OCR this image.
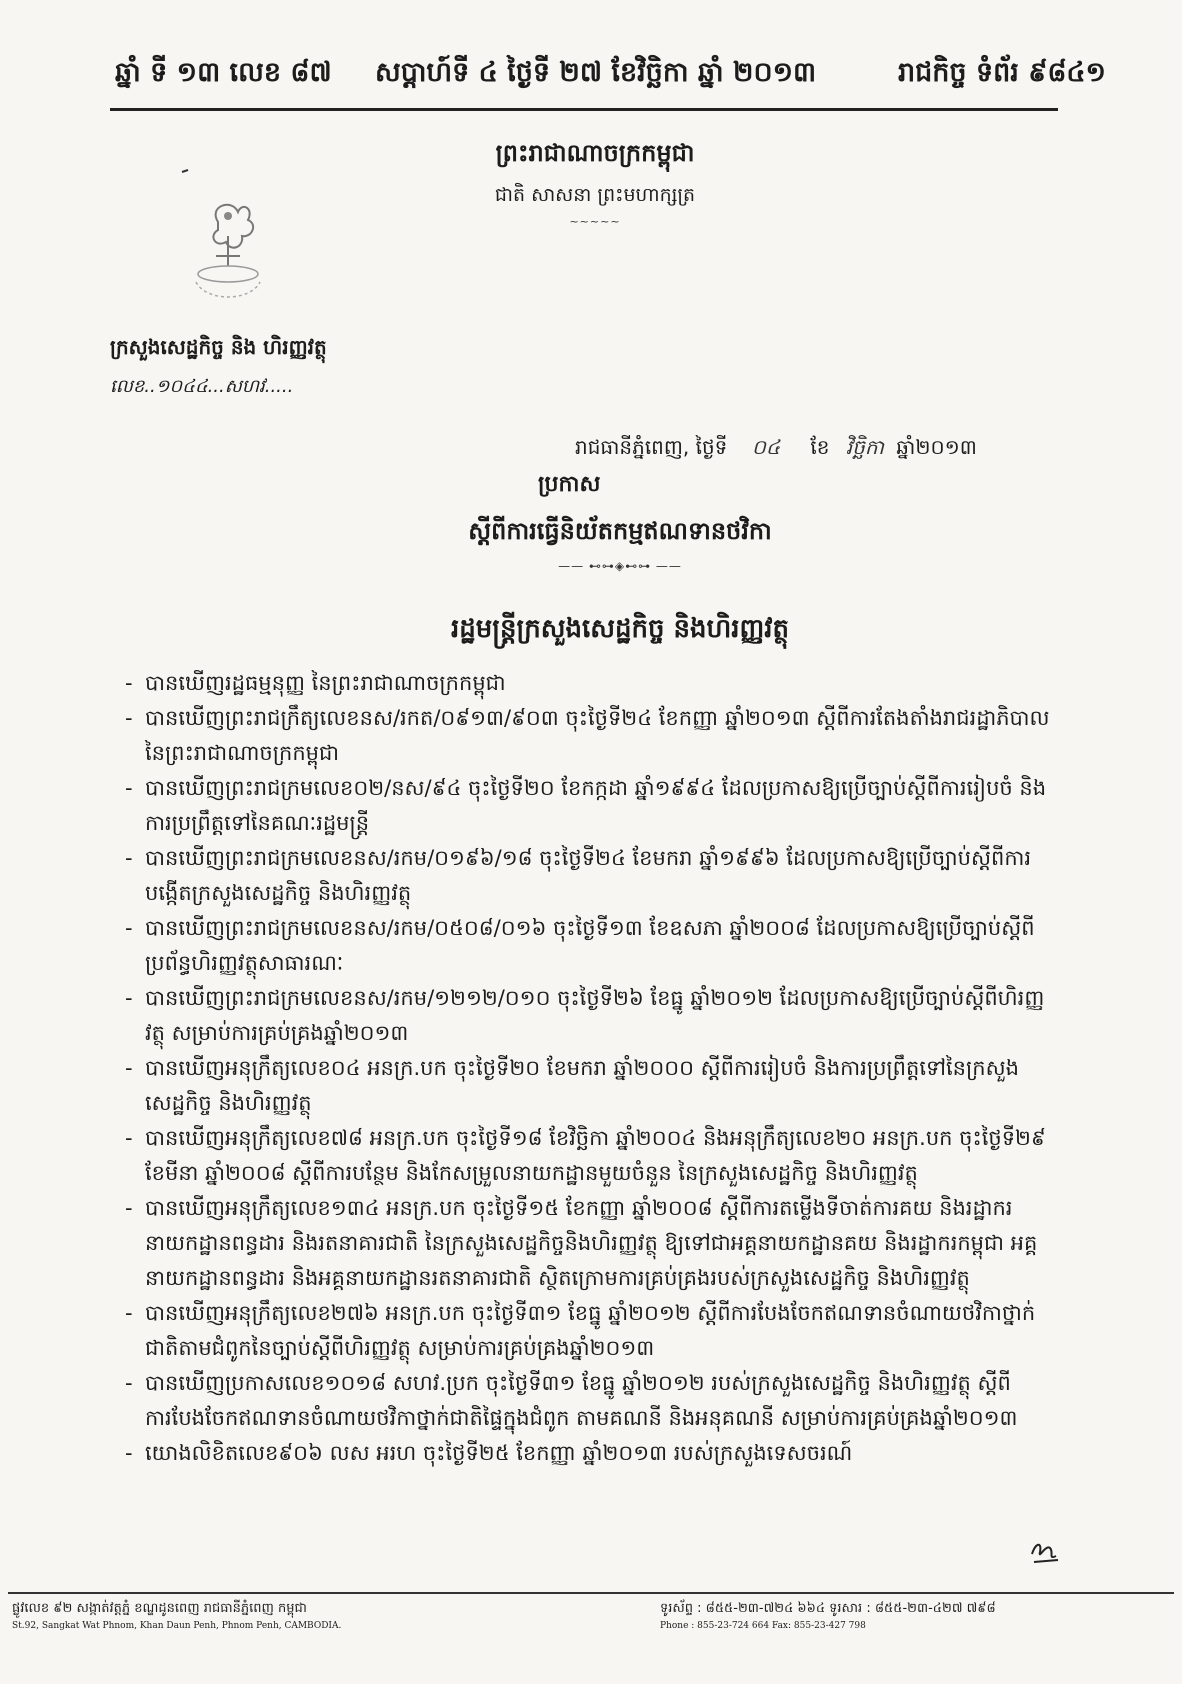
ឆ្នាំ ទី ១៣ លេខ ៨៧ សប្តាហ៍ទី ៤ ថ្ងៃទី ២៧ ខែវិច្ឆិកា ឆ្នាំ ២០១៣	រាជកិច្ច ទំព័រ ៩៨៤១
ព្រះរាជាណាចក្រកម្ពុជា
ជាតិ សាសនា ព្រះមហាក្សត្រ
~~~~~
ក្រសួងសេដ្ឋកិច្ច និង ហិរញ្ញវត្ថុ
លេខ..១០៤៤...សហវ.....
រាជធានីភ្នំពេញ, ថ្ងៃទី ០៤ ខែ វិច្ឆិកា ឆ្នាំ២០១៣
ប្រកាស
ស្តីពីការធ្វើនិយ័តកម្មឥណទានថវិកា
—— ⊷⊶◈⊷⊶ ——
រដ្ឋមន្ត្រីក្រសួងសេដ្ឋកិច្ច និងហិរញ្ញវត្ថុ
- បានឃើញរដ្ឋធម្មនុញ្ញ នៃព្រះរាជាណាចក្រកម្ពុជា
- បានឃើញព្រះរាជក្រឹត្យលេខនស/រកត/០៩១៣/៩០៣ ចុះថ្ងៃទី២៤ ខែកញ្ញា ឆ្នាំ២០១៣ ស្តីពីការតែងតាំងរាជរដ្ឋាភិបាល នៃព្រះរាជាណាចក្រកម្ពុជា
- បានឃើញព្រះរាជក្រមលេខ០២/នស/៩៤ ចុះថ្ងៃទី២០ ខែកក្កដា ឆ្នាំ១៩៩៤ ដែលប្រកាសឱ្យប្រើច្បាប់ស្តីពីការរៀបចំ និងការប្រព្រឹត្តទៅនៃគណៈរដ្ឋមន្ត្រី
- បានឃើញព្រះរាជក្រមលេខនស/រកម/០១៩៦/១៨ ចុះថ្ងៃទី២៤ ខែមករា ឆ្នាំ១៩៩៦ ដែលប្រកាសឱ្យប្រើច្បាប់ស្តីពីការបង្កើតក្រសួងសេដ្ឋកិច្ច និងហិរញ្ញវត្ថុ
- បានឃើញព្រះរាជក្រមលេខនស/រកម/០៥០៨/០១៦ ចុះថ្ងៃទី១៣ ខែឧសភា ឆ្នាំ២០០៨ ដែលប្រកាសឱ្យប្រើច្បាប់ស្តីពីប្រព័ន្ធហិរញ្ញវត្ថុសាធារណៈ
- បានឃើញព្រះរាជក្រមលេខនស/រកម/១២១២/០១០ ចុះថ្ងៃទី២៦ ខែធ្នូ ឆ្នាំ២០១២ ដែលប្រកាសឱ្យប្រើច្បាប់ស្តីពីហិរញ្ញវត្ថុ សម្រាប់ការគ្រប់គ្រងឆ្នាំ២០១៣
- បានឃើញអនុក្រឹត្យលេខ០៤ អនក្រ.បក ចុះថ្ងៃទី២០ ខែមករា ឆ្នាំ២០០០ ស្តីពីការរៀបចំ និងការប្រព្រឹត្តទៅនៃក្រសួងសេដ្ឋកិច្ច និងហិរញ្ញវត្ថុ
- បានឃើញអនុក្រឹត្យលេខ៧៨ អនក្រ.បក ចុះថ្ងៃទី១៨ ខែវិច្ឆិកា ឆ្នាំ២០០៤ និងអនុក្រឹត្យលេខ២០ អនក្រ.បក ចុះថ្ងៃទី២៩ ខែមីនា ឆ្នាំ២០០៨ ស្តីពីការបន្ថែម និងកែសម្រួលនាយកដ្ឋានមួយចំនួន នៃក្រសួងសេដ្ឋកិច្ច និងហិរញ្ញវត្ថុ
- បានឃើញអនុក្រឹត្យលេខ១៣៤ អនក្រ.បក ចុះថ្ងៃទី១៥ ខែកញ្ញា ឆ្នាំ២០០៨ ស្តីពីការតម្លើងទីចាត់ការគយ និងរដ្ឋាករ នាយកដ្ឋានពន្ធដារ និងរតនាគារជាតិ នៃក្រសួងសេដ្ឋកិច្ចនិងហិរញ្ញវត្ថុ ឱ្យទៅជាអគ្គនាយកដ្ឋានគយ និងរដ្ឋាករកម្ពុជា អគ្គនាយកដ្ឋានពន្ធដារ និងអគ្គនាយកដ្ឋានរតនាគារជាតិ ស្ថិតក្រោមការគ្រប់គ្រងរបស់ក្រសួងសេដ្ឋកិច្ច និងហិរញ្ញវត្ថុ
- បានឃើញអនុក្រឹត្យលេខ២៧៦ អនក្រ.បក ចុះថ្ងៃទី៣១ ខែធ្នូ ឆ្នាំ២០១២ ស្តីពីការបែងចែកឥណទានចំណាយថវិកាថ្នាក់ជាតិតាមជំពូកនៃច្បាប់ស្តីពីហិរញ្ញវត្ថុ សម្រាប់ការគ្រប់គ្រងឆ្នាំ២០១៣
- បានឃើញប្រកាសលេខ១០១៨ សហវ.ប្រក ចុះថ្ងៃទី៣១ ខែធ្នូ ឆ្នាំ២០១២ របស់ក្រសួងសេដ្ឋកិច្ច និងហិរញ្ញវត្ថុ ស្តីពីការបែងចែកឥណទានចំណាយថវិកាថ្នាក់ជាតិផ្ទៃក្នុងជំពូក តាមគណនី និងអនុគណនី សម្រាប់ការគ្រប់គ្រងឆ្នាំ២០១៣
- យោងលិខិតលេខ៩០៦ លស អរហ ចុះថ្ងៃទី២៥ ខែកញ្ញា ឆ្នាំ២០១៣ របស់ក្រសួងទេសចរណ៍
ផ្លូវលេខ ៩២ សង្កាត់វត្តភ្នំ ខណ្ឌដូនពេញ រាជធានីភ្នំពេញ កម្ពុជា
St.92, Sangkat Wat Phnom, Khan Daun Penh, Phnom Penh, CAMBODIA.
ទូរស័ព្ទ : ៨៥៥-២៣-៧២៤ ៦៦៤ ទូរសារ : ៨៥៥-២៣-៤២៧ ៧៩៨
Phone : 855-23-724 664 Fax: 855-23-427 798
